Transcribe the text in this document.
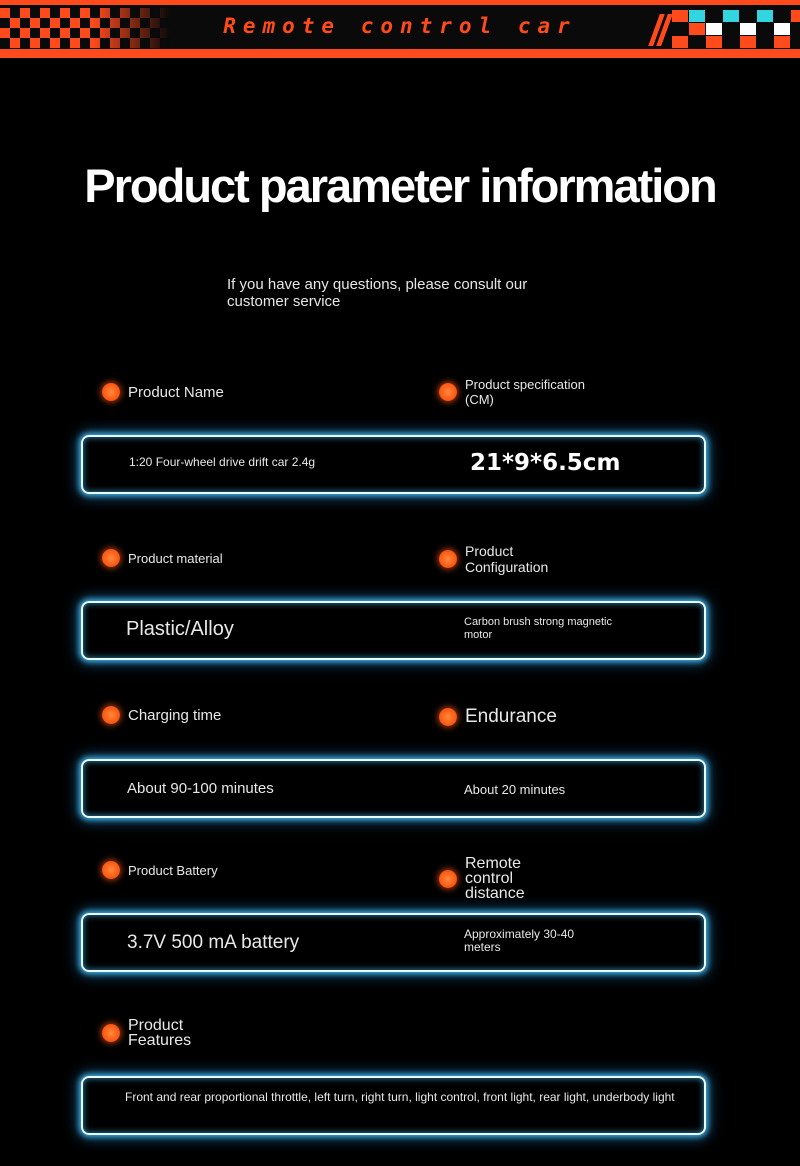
Remote control car
Product parameter information
If you have any questions, please consult our customer service
Product Name	Product specification (CM)
1:20 Four-wheel drive drift car 2.4g	21*9*6.5cm
Product material	Product Configuration
Plastic/Alloy	Carbon brush strong magnetic motor
Charging time	Endurance
About 90-100 minutes	About 20 minutes
Product Battery	Remote control distance
3.7V 500 mA battery	Approximately 30-40 meters
Product Features
Front and rear proportional throttle, left turn, right turn, light control, front light, rear light, underbody light
